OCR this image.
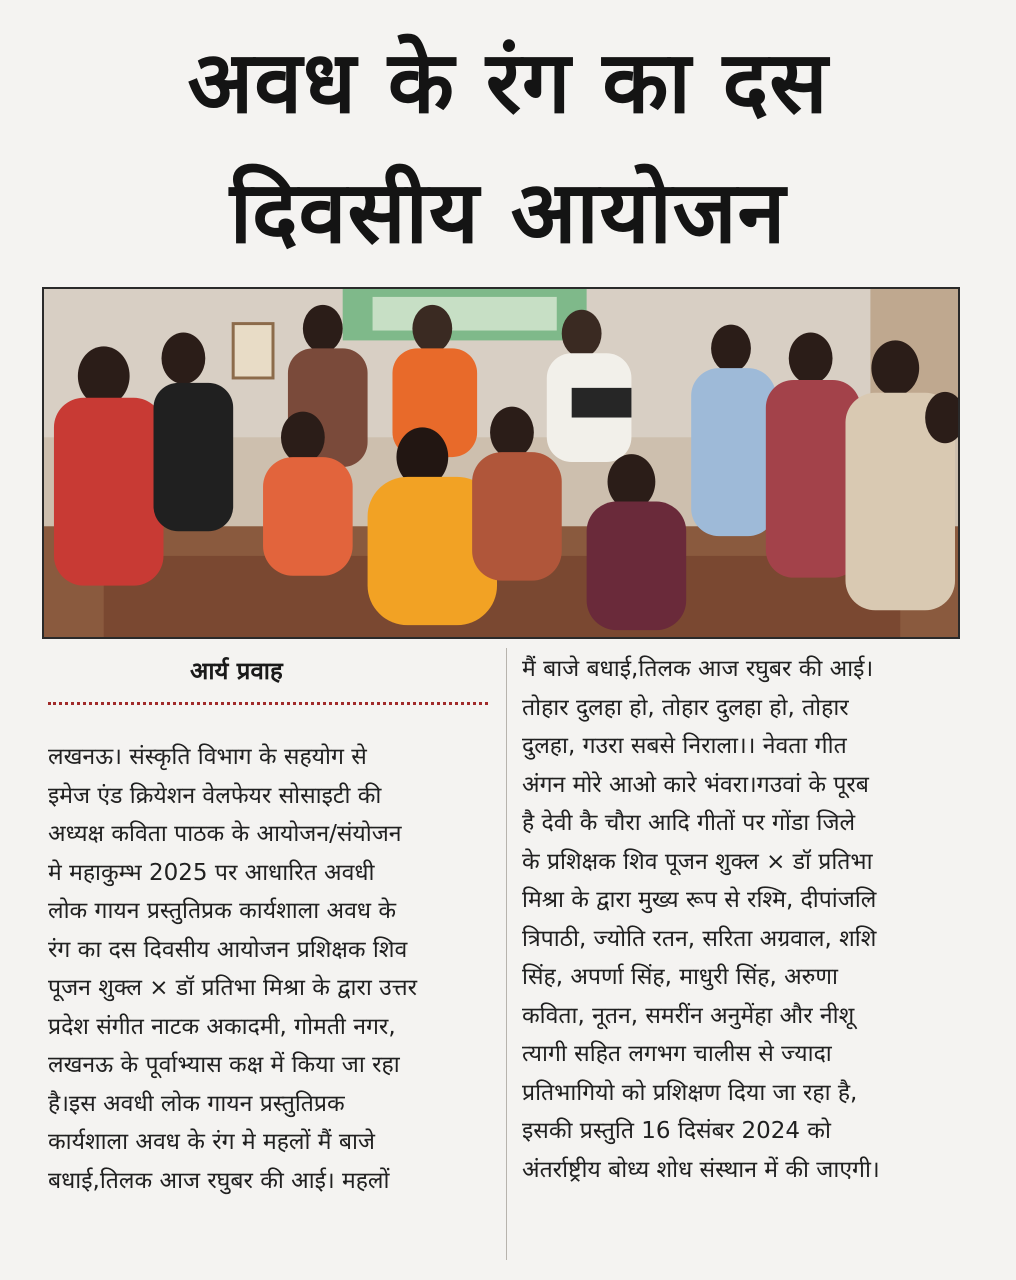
अवध के रंग का दस
दिवसीय आयोजन
आर्य प्रवाह
लखनऊ। संस्कृति विभाग के सहयोग से
इमेज एंड क्रियेशन वेलफेयर सोसाइटी की
अध्यक्ष कविता पाठक के आयोजन/संयोजन
मे महाकुम्भ 2025 पर आधारित अवधी
लोक गायन प्रस्तुतिप्रक कार्यशाला अवध के
रंग का दस दिवसीय आयोजन प्रशिक्षक शिव
पूजन शुक्ल × डॉ प्रतिभा मिश्रा के द्वारा उत्तर
प्रदेश संगीत नाटक अकादमी, गोमती नगर,
लखनऊ के पूर्वाभ्यास कक्ष में किया जा रहा
है।इस अवधी लोक गायन प्रस्तुतिप्रक
कार्यशाला अवध के रंग मे महलों मैं बाजे
बधाई,तिलक आज रघुबर की आई। महलों
मैं बाजे बधाई,तिलक आज रघुबर की आई।
तोहार दुलहा हो, तोहार दुलहा हो, तोहार
दुलहा, गउरा सबसे निराला।। नेवता गीत
अंगन मोरे आओ कारे भंवरा।गउवां के पूरब
है देवी कै चौरा आदि गीतों पर गोंडा जिले
के प्रशिक्षक शिव पूजन शुक्ल × डॉ प्रतिभा
मिश्रा के द्वारा मुख्य रूप से रश्मि, दीपांजलि
त्रिपाठी, ज्योति रतन, सरिता अग्रवाल, शशि
सिंह, अपर्णा सिंह, माधुरी सिंह, अरुणा
कविता, नूतन, समरींन अनुमेंहा और नीशू
त्यागी सहित लगभग चालीस से ज्यादा
प्रतिभागियो को प्रशिक्षण दिया जा रहा है,
इसकी प्रस्तुति 16 दिसंबर 2024 को
अंतर्राष्ट्रीय बोध्य शोध संस्थान में की जाएगी।
